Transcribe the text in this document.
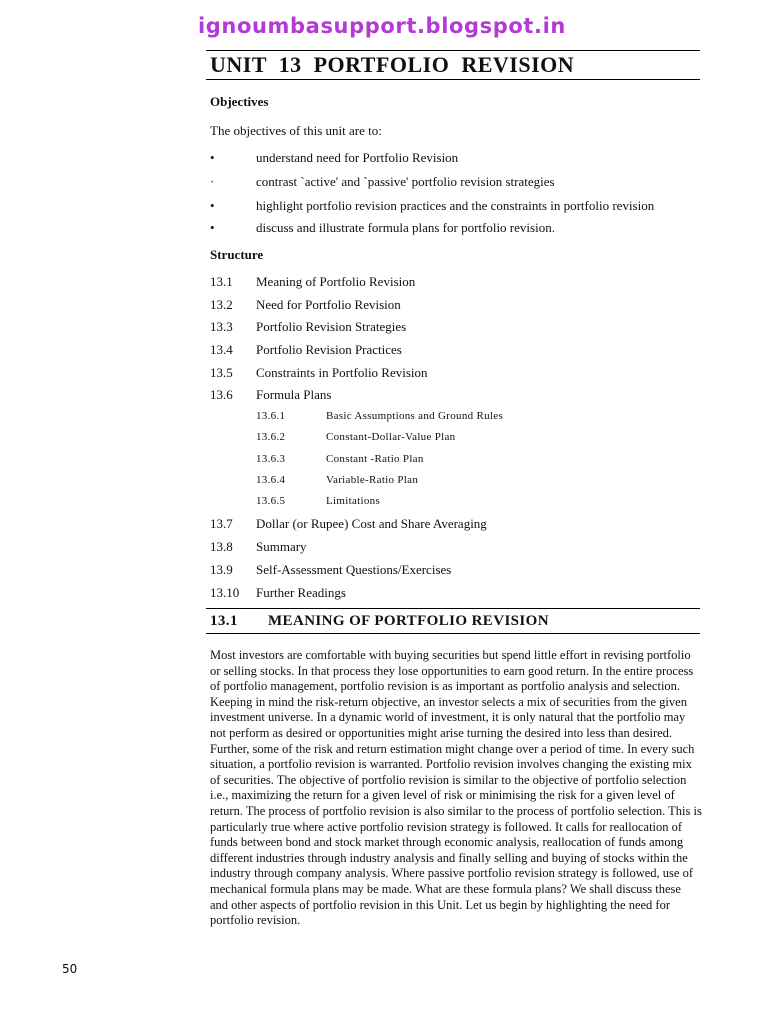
ignoumbasupport.blogspot.in
UNIT 13 PORTFOLIO REVISION
Objectives
The objectives of this unit are to:
•	understand need for Portfolio Revision
·	contrast `active' and `passive' portfolio revision strategies
•	highlight portfolio revision practices and the constraints in portfolio revision
•	discuss and illustrate formula plans for portfolio revision.
Structure
13.1 Meaning of Portfolio Revision
13.2 Need for Portfolio Revision
13.3 Portfolio Revision Strategies
13.4 Portfolio Revision Practices
13.5 Constraints in Portfolio Revision
13.6 Formula Plans
13.6.1	Basic Assumptions and Ground Rules
13.6.2	Constant-Dollar-Value Plan
13.6.3	Constant -Ratio Plan
13.6.4	Variable-Ratio Plan
13.6.5	Limitations
13.7 Dollar (or Rupee) Cost and Share Averaging
13.8 Summary
13.9 Self-Assessment Questions/Exercises
13.10 Further Readings
13.1 MEANING OF PORTFOLIO REVISION

Most investors are comfortable with buying securities but spend little effort in revising portfolio or selling stocks. In that process they lose opportunities to earn good return. In the entire process of portfolio management, portfolio revision is as important as portfolio analysis and selection. Keeping in mind the risk-return objective, an investor selects a mix of securities from the given investment universe. In a dynamic world of investment, it is only natural that the portfolio may not perform as desired or opportunities might arise turning the desired into less than desired. Further, some of the risk and return estimation might change over a period of time. In every such situation, a portfolio revision is warranted. Portfolio revision involves changing the existing mix of securities. The objective of portfolio revision is similar to the objective of portfolio selection i.e., maximizing the return for a given level of risk or minimising the risk for a given level of return. The process of portfolio revision is also similar to the process of portfolio selection. This is particularly true where active portfolio revision strategy is followed. It calls for reallocation of funds between bond and stock market through economic analysis, reallocation of funds among different industries through industry analysis and finally selling and buying of stocks within the industry through company analysis. Where passive portfolio revision strategy is followed, use of mechanical formula plans may be made. What are these formula plans? We shall discuss these and other aspects of portfolio revision in this Unit. Let us begin by highlighting the need for portfolio revision.

50
